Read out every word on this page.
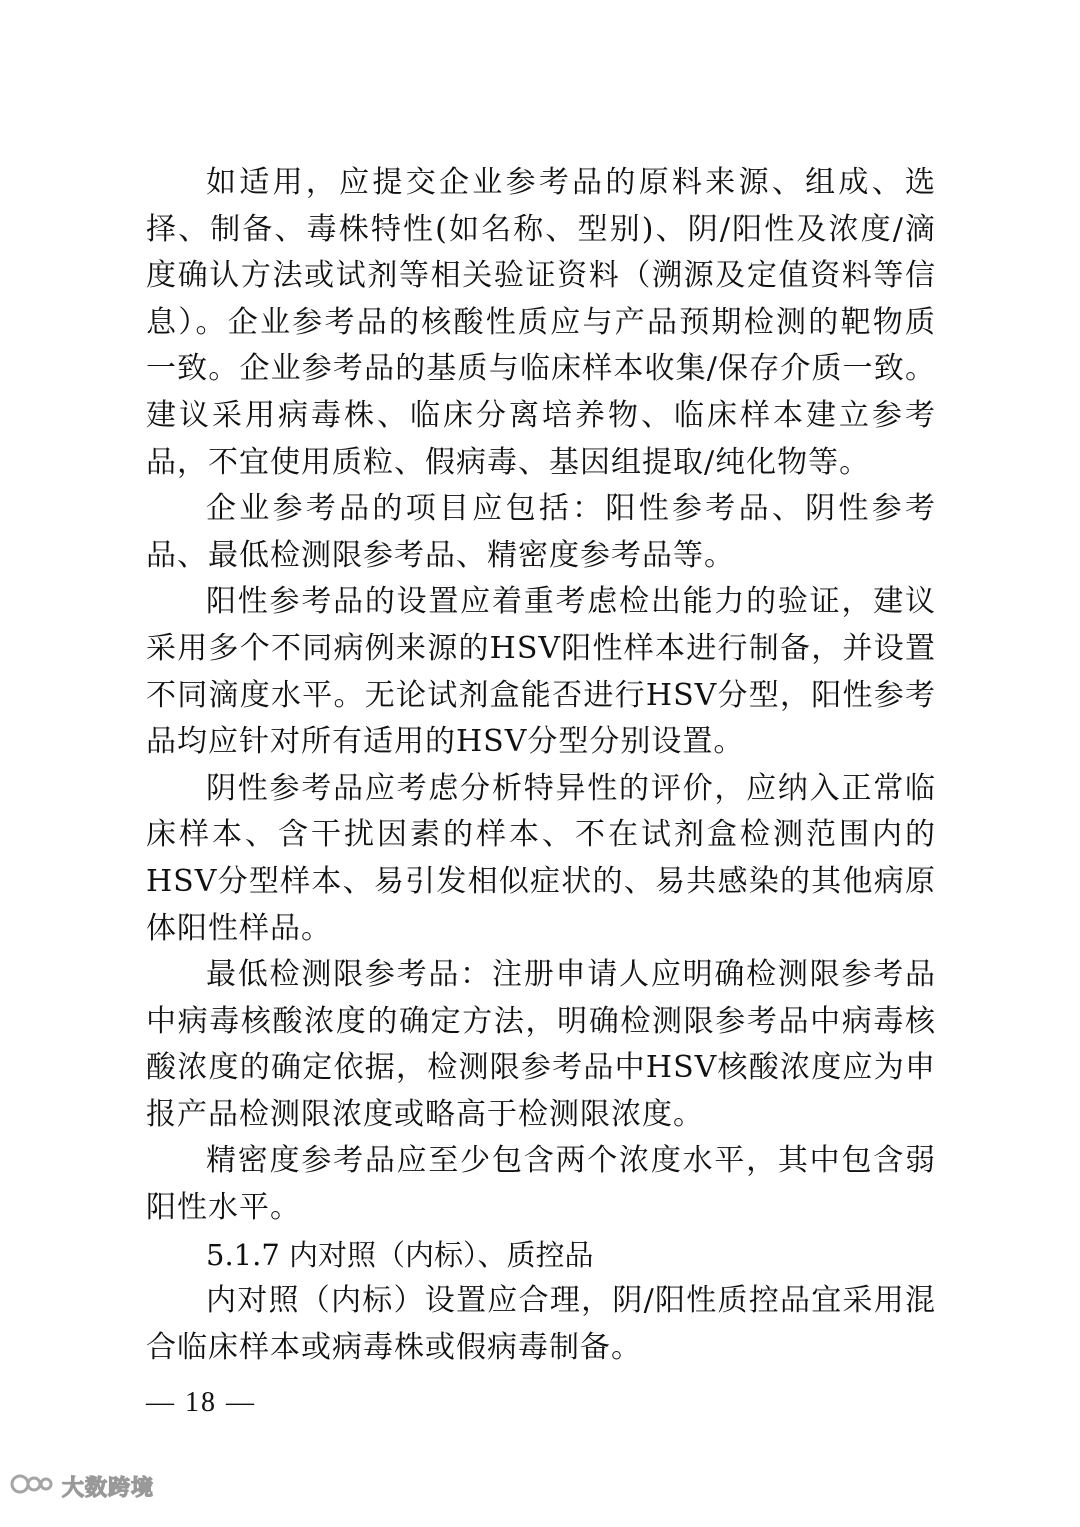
如适用，应提交企业参考品的原料来源、组成、选择、制备、毒株特性(如名称、型别)、阴/阳性及浓度/滴度确认方法或试剂等相关验证资料（溯源及定值资料等信息）。企业参考品的核酸性质应与产品预期检测的靶物质一致。企业参考品的基质与临床样本收集/保存介质一致。建议采用病毒株、临床分离培养物、临床样本建立参考品，不宜使用质粒、假病毒、基因组提取/纯化物等。

企业参考品的项目应包括：阳性参考品、阴性参考品、最低检测限参考品、精密度参考品等。

阳性参考品的设置应着重考虑检出能力的验证，建议采用多个不同病例来源的HSV阳性样本进行制备，并设置不同滴度水平。无论试剂盒能否进行HSV分型，阳性参考品均应针对所有适用的HSV分型分别设置。

阴性参考品应考虑分析特异性的评价，应纳入正常临床样本、含干扰因素的样本、不在试剂盒检测范围内的HSV分型样本、易引发相似症状的、易共感染的其他病原体阳性样品。

最低检测限参考品：注册申请人应明确检测限参考品中病毒核酸浓度的确定方法，明确检测限参考品中病毒核酸浓度的确定依据，检测限参考品中HSV核酸浓度应为申报产品检测限浓度或略高于检测限浓度。

精密度参考品应至少包含两个浓度水平，其中包含弱阳性水平。

5.1.7 内对照（内标）、质控品

内对照（内标）设置应合理，阴/阳性质控品宜采用混合临床样本或病毒株或假病毒制备。

— 18 —
大数跨境
